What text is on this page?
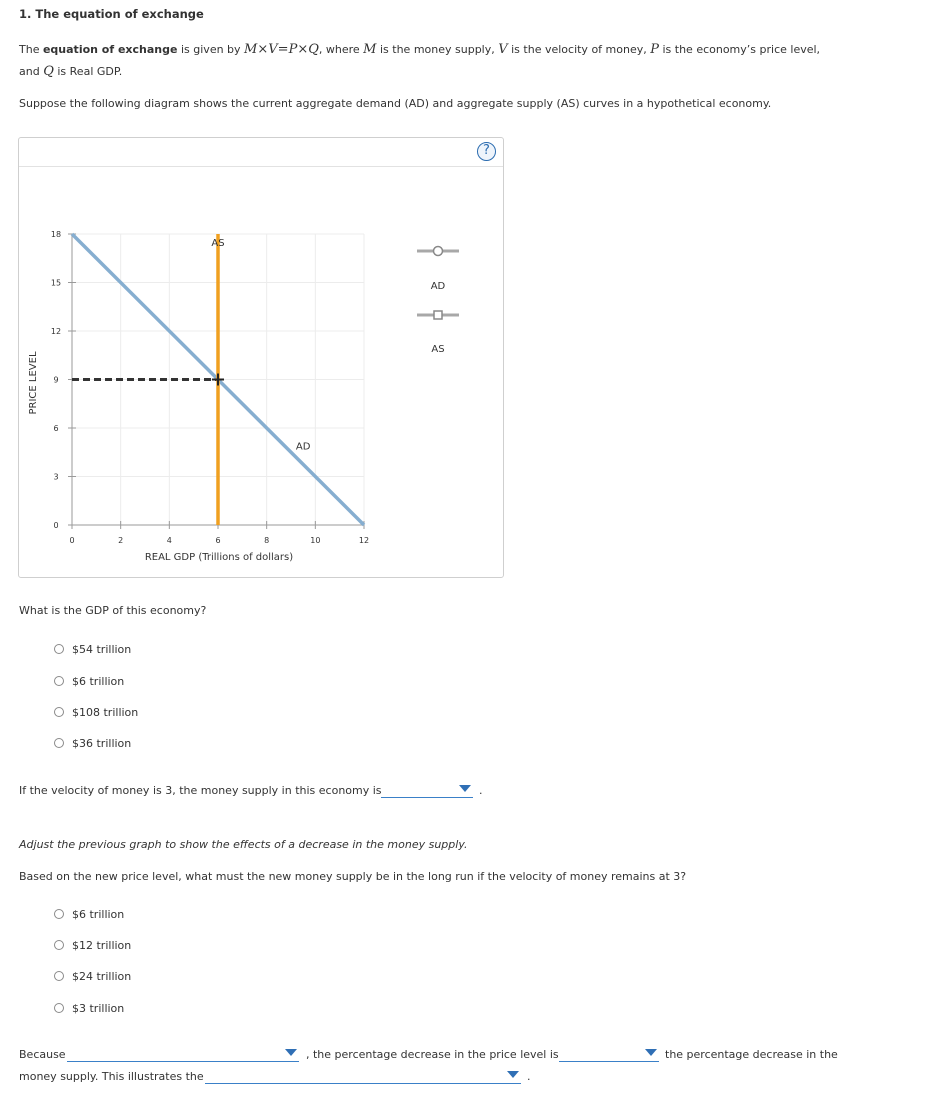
1. The equation of exchange
The equation of exchange is given by M×V=P×Q, where M is the money supply, V is the velocity of money, P is the economy’s price level,
and Q is Real GDP.
Suppose the following diagram shows the current aggregate demand (AD) and aggregate supply (AS) curves in a hypothetical economy.
?
0	2	4	6	8	10	12
0
3
6
9
12
15
18
AD
AS
REAL GDP (Trillions of dollars)
PRICE LEVEL
AD
AS
What is the GDP of this economy?
$54 trillion
$6 trillion
$108 trillion
$36 trillion
If the velocity of money is 3, the money supply in this economy is	.
Adjust the previous graph to show the effects of a decrease in the money supply.
Based on the new price level, what must the new money supply be in the long run if the velocity of money remains at 3?
$6 trillion
$12 trillion
$24 trillion
$3 trillion
Because	, the percentage decrease in the price level is	the percentage decrease in the
money supply. This illustrates the	.
